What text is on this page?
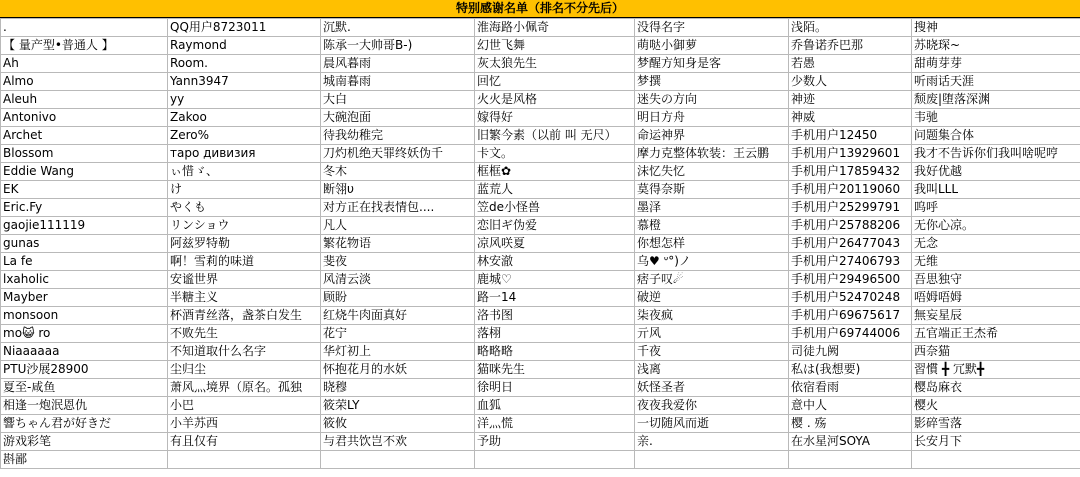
特别感谢名单（排名不分先后）
.	QQ用户8723011	沉默.	淮海路小佩奇	没得名字	浅陌。	搜神
【 量产型•普通人 】	Raymond	陈承一大帅哥B-)	幻世飞舞	萌哒小御萝	乔鲁诺乔巴那	苏晓琛~
Ah	Room.	晨风暮雨	灰太狼先生	梦醒方知身是客	若愚	甜萌芽芽
Almo	Yann3947	城南暮雨	回忆	梦撰	少数人	听雨话天涯
Aleuh	yy	大白	火火是风格	迷失の方向	神迹	颓废|堕落深渊
Antonivo	Zakoo	大碗泡面	嫁得好	明日方舟	神威	韦驰
Archet	Zero%	待我幼稚完	旧繁今素（以前 叫 无尺）	命运神界	手机用户12450	问题集合体
Blossom	таро дивизия	刀灼机绝天罪终妖伪千	卡文。	摩力克整体软装：王云鹏	手机用户13929601	我才不告诉你们我叫啥呢哼
Eddie Wang	ぃ惜ゞ、	冬木	框框✿	沫忆失忆	手机用户17859432	我好优越
EK	け	断翎υ	蓝荒人	莫得奈斯	手机用户20119060	我叫LLL
Eric.Fy	やくも	对方正在找表情包....	笠de小怪兽	墨泽	手机用户25299791	呜呼
gaojie111119	リンショウ	凡人	恋旧ギ伪爱	慕橙	手机用户25788206	无你心凉。
gunas	阿兹罗特勒	繁花物语	凉风咲夏	你想怎样	手机用户26477043	无念
La fe	啊！雪莉的味道	斐夜	林安澈	乌♥ ᐡ°)ノ	手机用户27406793	无维
lxaholic	安谧世界	风清云淡	鹿城♡	痞子叹☄	手机用户29496500	吾思独守
Mayber	半糖主义	顾盼	路一14	破逆	手机用户52470248	唔姆唔姆
monsoon	杯酒青丝落，盏茶白发生	红烧牛肉面真好	洛书图	柒夜疯	手机用户69675617	無妄星辰
mo😺 ro	不败先生	花宁	落栩	亓风	手机用户69744006	五官端正王杰希
Niaaaaaa	不知道取什么名字	华灯初上	略略略	千夜	司徒九阙	西奈猫
PTU沙展28900	尘归尘	怀抱花月的水妖	猫咪先生	浅离	私は(我想要)	習慣 ╋ 冗默╋
夏至-咸鱼	萧风灬境界（原名。孤独	晓穆	徐明日	妖怪圣者	依宿看雨	樱岛麻衣
相逢一炮泯恩仇	小巴	筱荣LY	血狐	夜夜我爱你	意中人	樱火
響ちゃん君が好きだ	小羊苏西	筱攸	洋灬慌	一切随风而逝	樱 . 殇	影碎雪落
游戏彩笔	有且仅有	与君共饮岂不欢	予助	亲.	在水星河SOYA	长安月下
斟鄙						
